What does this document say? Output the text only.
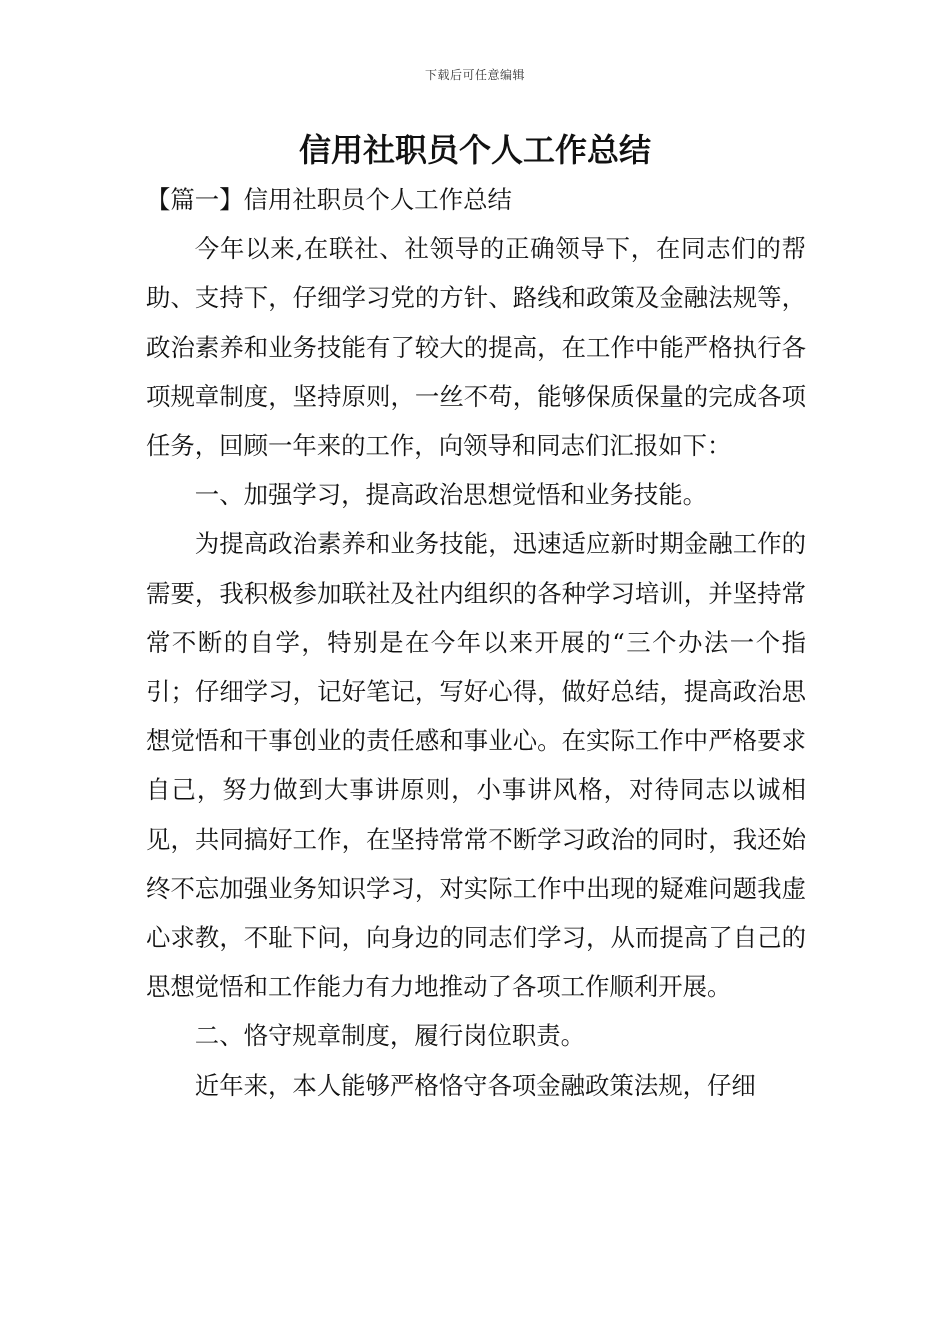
下载后可任意编辑
信用社职员个人工作总结

【篇一】信用社职员个人工作总结

今年以来,在联社、社领导的正确领导下，在同志们的帮助、支持下，仔细学习党的方针、路线和政策及金融法规等，政治素养和业务技能有了较大的提高，在工作中能严格执行各项规章制度，坚持原则，一丝不苟，能够保质保量的完成各项任务，回顾一年来的工作，向领导和同志们汇报如下：

一、加强学习，提高政治思想觉悟和业务技能。

为提高政治素养和业务技能，迅速适应新时期金融工作的需要，我积极参加联社及社内组织的各种学习培训，并坚持常常不断的自学，特别是在今年以来开展的“三个办法一个指引；仔细学习，记好笔记，写好心得，做好总结，提高政治思想觉悟和干事创业的责任感和事业心。在实际工作中严格要求自己，努力做到大事讲原则，小事讲风格，对待同志以诚相见，共同搞好工作，在坚持常常不断学习政治的同时，我还始终不忘加强业务知识学习，对实际工作中出现的疑难问题我虚心求教，不耻下问，向身边的同志们学习，从而提高了自己的思想觉悟和工作能力有力地推动了各项工作顺利开展。

二、恪守规章制度，履行岗位职责。

近年来，本人能够严格恪守各项金融政策法规，仔细
